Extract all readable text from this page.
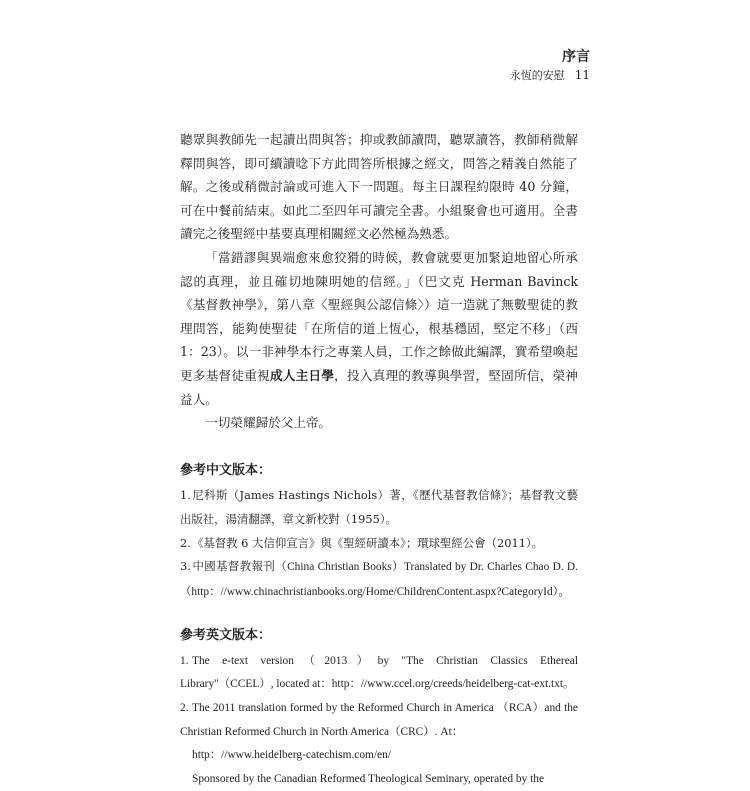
序言
永恆的安慰 11

聽眾與教師先一起讀出問與答；抑或教師讀問，聽眾讀答，教師稍微解釋問與答，即可續讀唸下方此問答所根據之經文，問答之精義自然能了解。之後或稍微討論或可進入下一問題。每主日課程約限時 40 分鐘，可在中餐前結束。如此二至四年可讀完全書。小組聚會也可適用。全書讀完之後聖經中基要真理相關經文必然極為熟悉。

「當錯謬與異端愈來愈狡猾的時候，教會就要更加緊迫地留心所承認的真理，並且確切地陳明她的信經。」（巴文克 Herman Bavinck《基督教神學》，第八章〈聖經與公認信條〉）這一造就了無數聖徒的教理問答，能夠使聖徒「在所信的道上恆心，根基穩固，堅定不移」（西 1：23）。以一非神學本行之專業人員，工作之餘做此編譯，實希望喚起更多基督徒重視成人主日學，投入真理的教導與學習，堅固所信，榮神益人。

一切榮耀歸於父上帝。

參考中文版本：
1.尼科斯（James Hastings Nichols）著，《歷代基督教信條》；基督教文藝出版社，湯清翻譯，章文新校對（1955）。
2.《基督教 6 大信仰宣言》與《聖經研讀本》；環球聖經公會（2011）。
3.中國基督教報刊（China Christian Books）Translated by Dr. Charles Chao D. D.（http：//www.chinachristianbooks.org/Home/ChildrenContent.aspx?CategoryId）。
參考英文版本：
1. The e-text version（2013）by "The Christian Classics Ethereal Library"（CCEL）, located at：http：//www.ccel.org/creeds/heidelberg-cat-ext.txt。
2. The 2011 translation formed by the Reformed Church in America （RCA）and the Christian Reformed Church in North America（CRC）. At：
http：//www.heidelberg-catechism.com/en/
Sponsored by the Canadian Reformed Theological Seminary, operated by the
